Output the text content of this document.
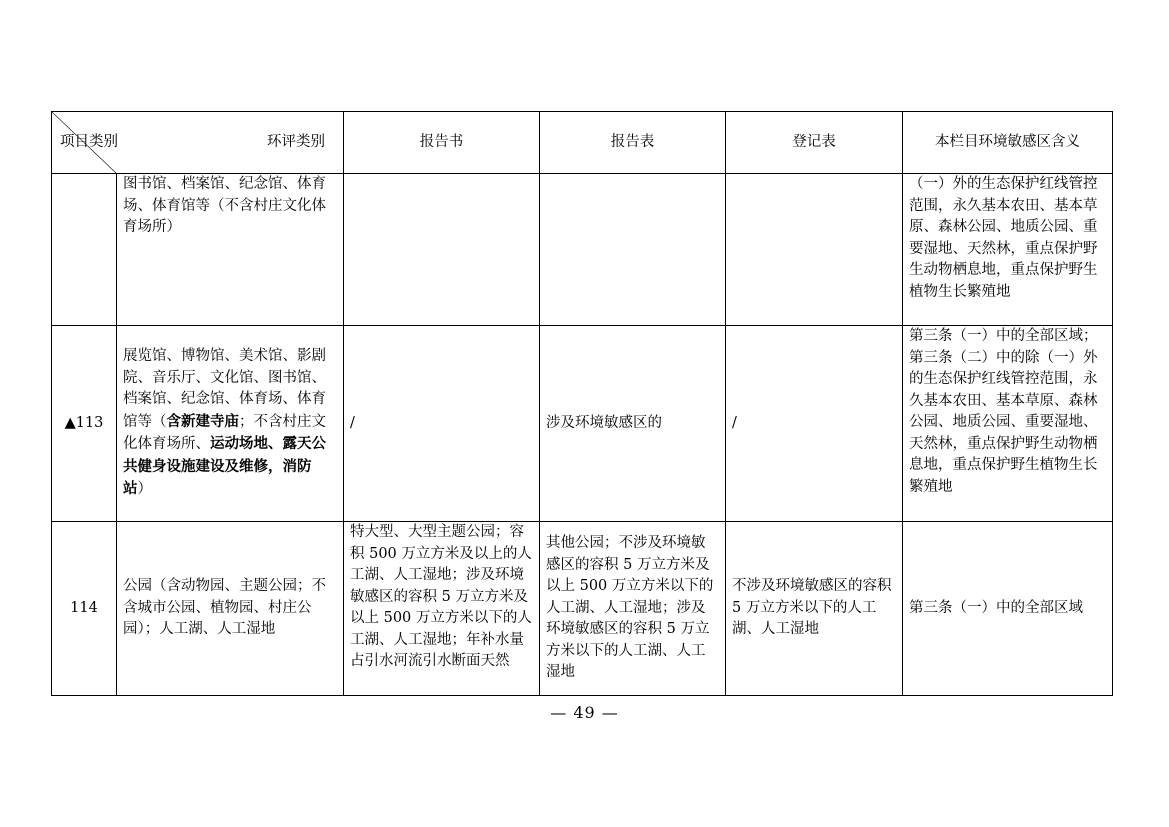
项目类别 环评类别		报告书	报告表	登记表	本栏目环境敏感区含义
	图书馆、档案馆、纪念馆、体育场、体育馆等（不含村庄文化体育场所）				（一）外的生态保护红线管控范围，永久基本农田、基本草原、森林公园、地质公园、重要湿地、天然林，重点保护野生动物栖息地，重点保护野生植物生长繁殖地
▲113	展览馆、博物馆、美术馆、影剧院、音乐厅、文化馆、图书馆、档案馆、纪念馆、体育场、体育馆等（含新建寺庙；不含村庄文化体育场所、运动场地、露天公共健身设施建设及维修，消防站）	/	涉及环境敏感区的	/	第三条（一）中的全部区域；第三条（二）中的除（一）外的生态保护红线管控范围，永久基本农田、基本草原、森林公园、地质公园、重要湿地、天然林，重点保护野生动物栖息地，重点保护野生植物生长繁殖地
114	公园（含动物园、主题公园；不含城市公园、植物园、村庄公园）；人工湖、人工湿地	特大型、大型主题公园；容积 500 万立方米及以上的人工湖、人工湿地；涉及环境敏感区的容积 5 万立方米及以上 500 万立方米以下的人工湖、人工湿地；年补水量占引水河流引水断面天然	其他公园；不涉及环境敏感区的容积 5 万立方米及以上 500 万立方米以下的人工湖、人工湿地；涉及环境敏感区的容积 5 万立方米以下的人工湖、人工湿地	不涉及环境敏感区的容积 5 万立方米以下的人工湖、人工湿地	第三条（一）中的全部区域
— 49 —
